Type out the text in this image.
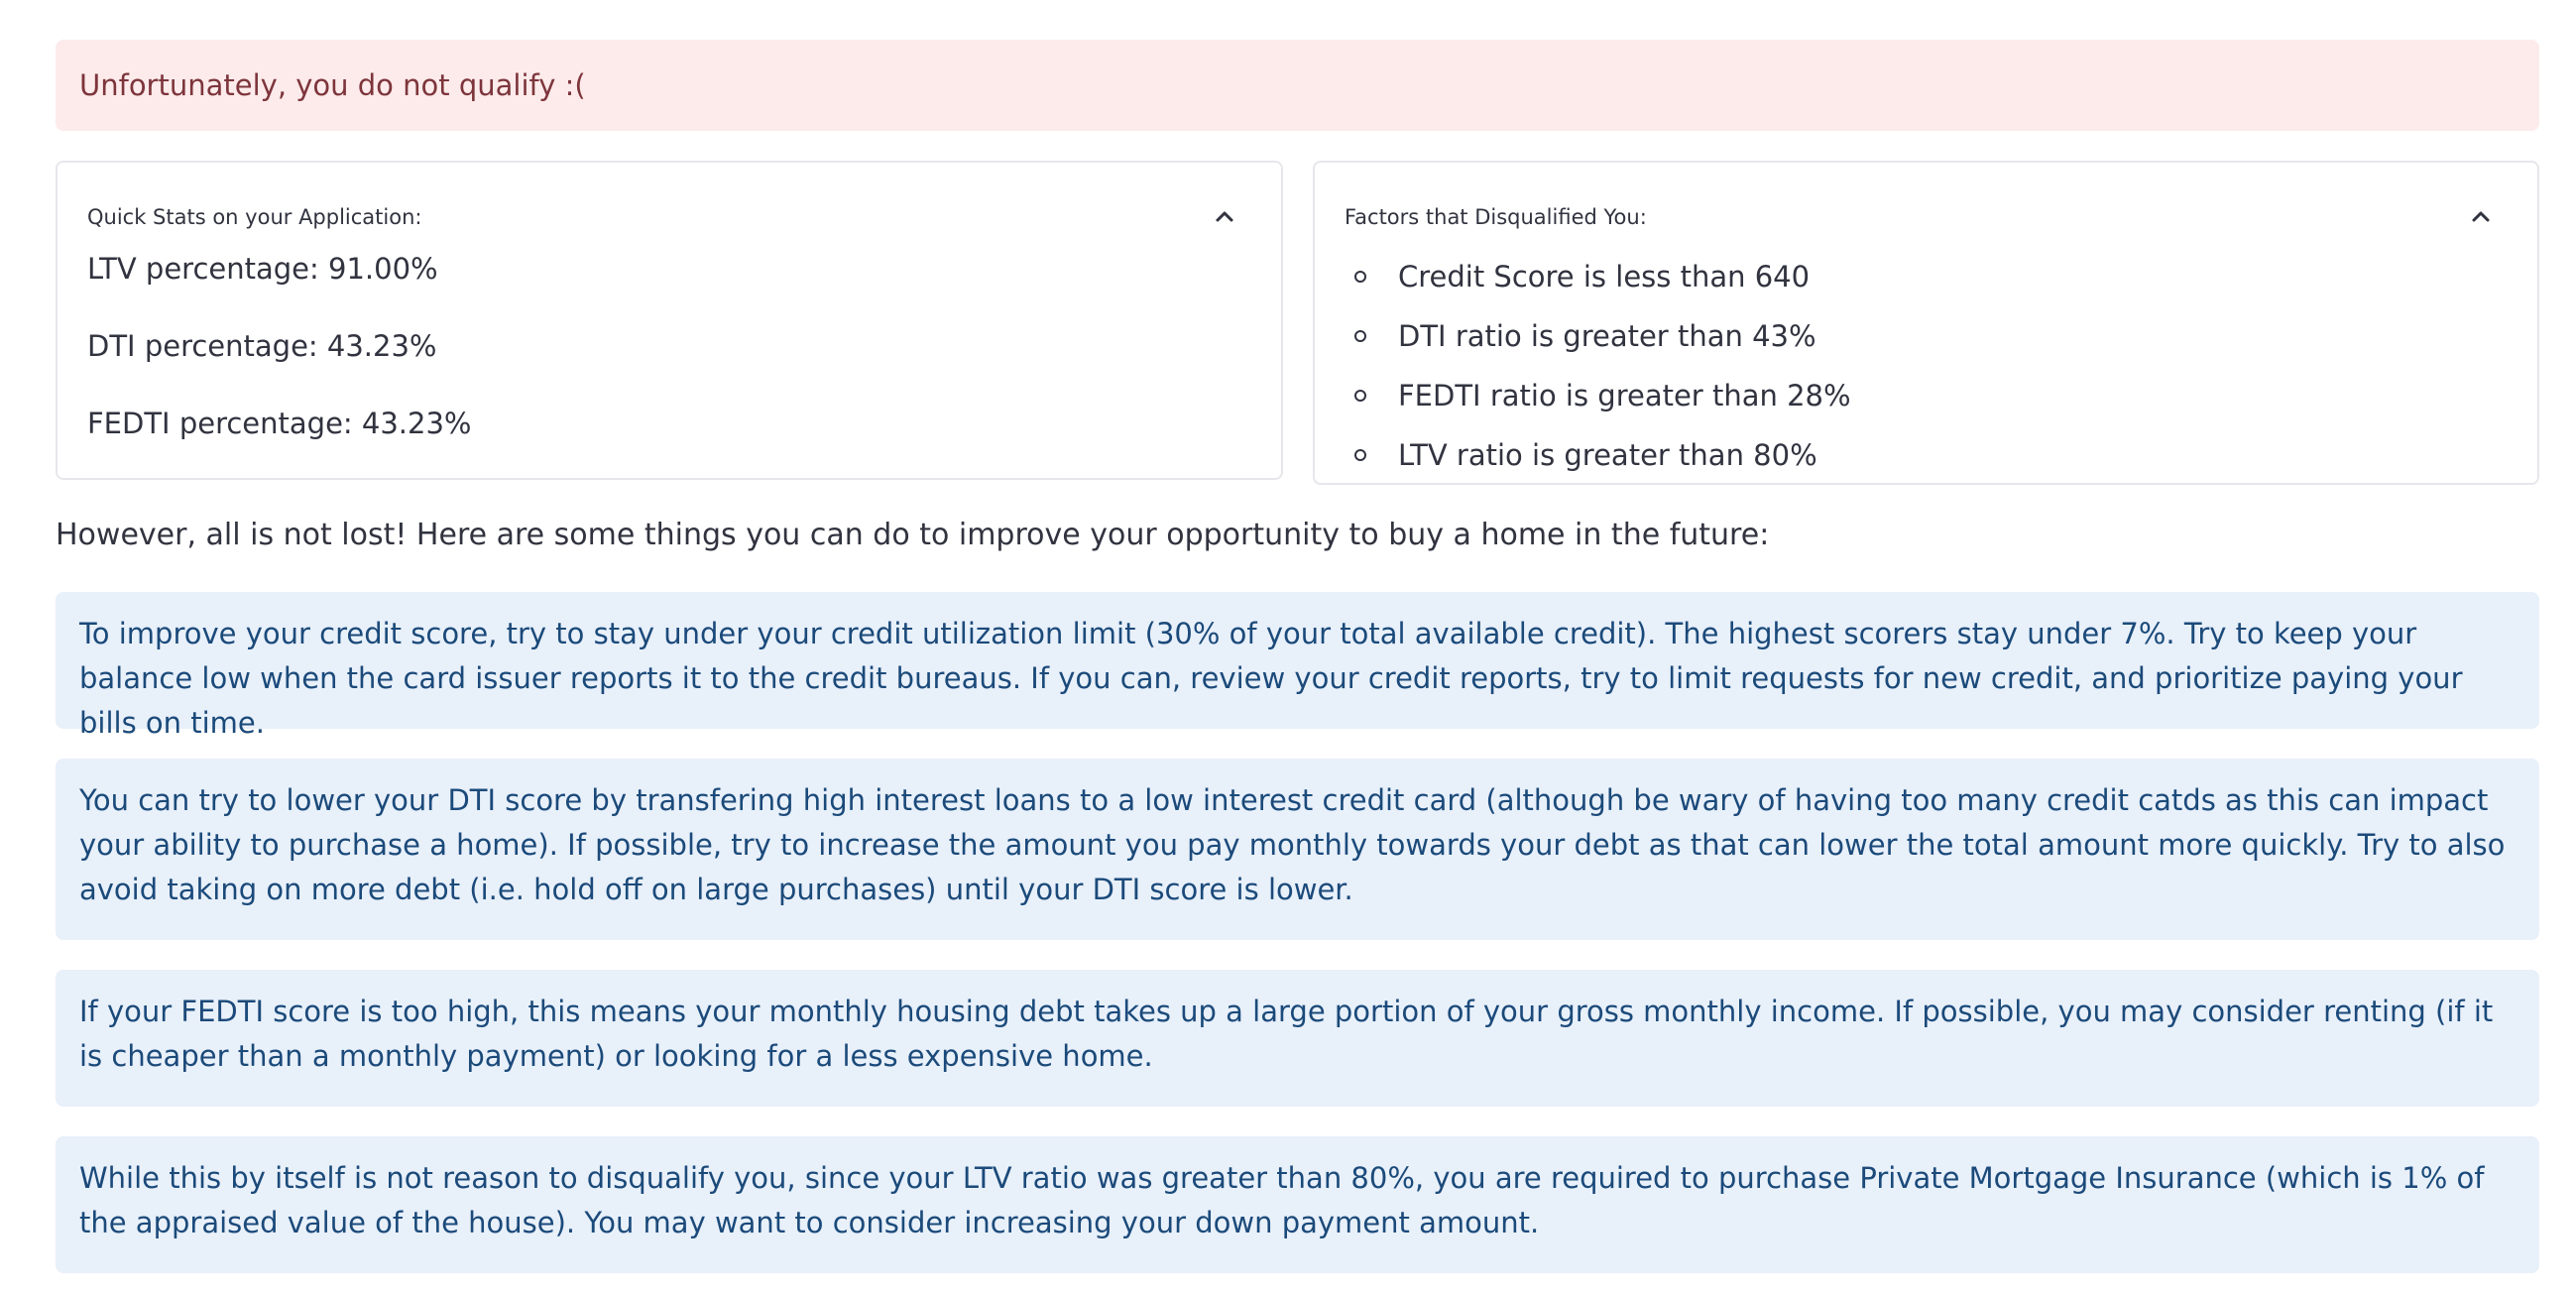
Unfortunately, you do not qualify :(
Quick Stats on your Application:
LTV percentage: 91.00%
DTI percentage: 43.23%
FEDTI percentage: 43.23%
Factors that Disqualified You:
Credit Score is less than 640
DTI ratio is greater than 43%
FEDTI ratio is greater than 28%
LTV ratio is greater than 80%
However, all is not lost! Here are some things you can do to improve your opportunity to buy a home in the future:
To improve your credit score, try to stay under your credit utilization limit (30% of your total available credit). The highest scorers stay under 7%. Try to keep your balance low when the card issuer reports it to the credit bureaus. If you can, review your credit reports, try to limit requests for new credit, and prioritize paying your bills on time.
You can try to lower your DTI score by transfering high interest loans to a low interest credit card (although be wary of having too many credit catds as this can impact your ability to purchase a home). If possible, try to increase the amount you pay monthly towards your debt as that can lower the total amount more quickly. Try to also avoid taking on more debt (i.e. hold off on large purchases) until your DTI score is lower.
If your FEDTI score is too high, this means your monthly housing debt takes up a large portion of your gross monthly income. If possible, you may consider renting (if it is cheaper than a monthly payment) or looking for a less expensive home.
While this by itself is not reason to disqualify you, since your LTV ratio was greater than 80%, you are required to purchase Private Mortgage Insurance (which is 1% of the appraised value of the house). You may want to consider increasing your down payment amount.
